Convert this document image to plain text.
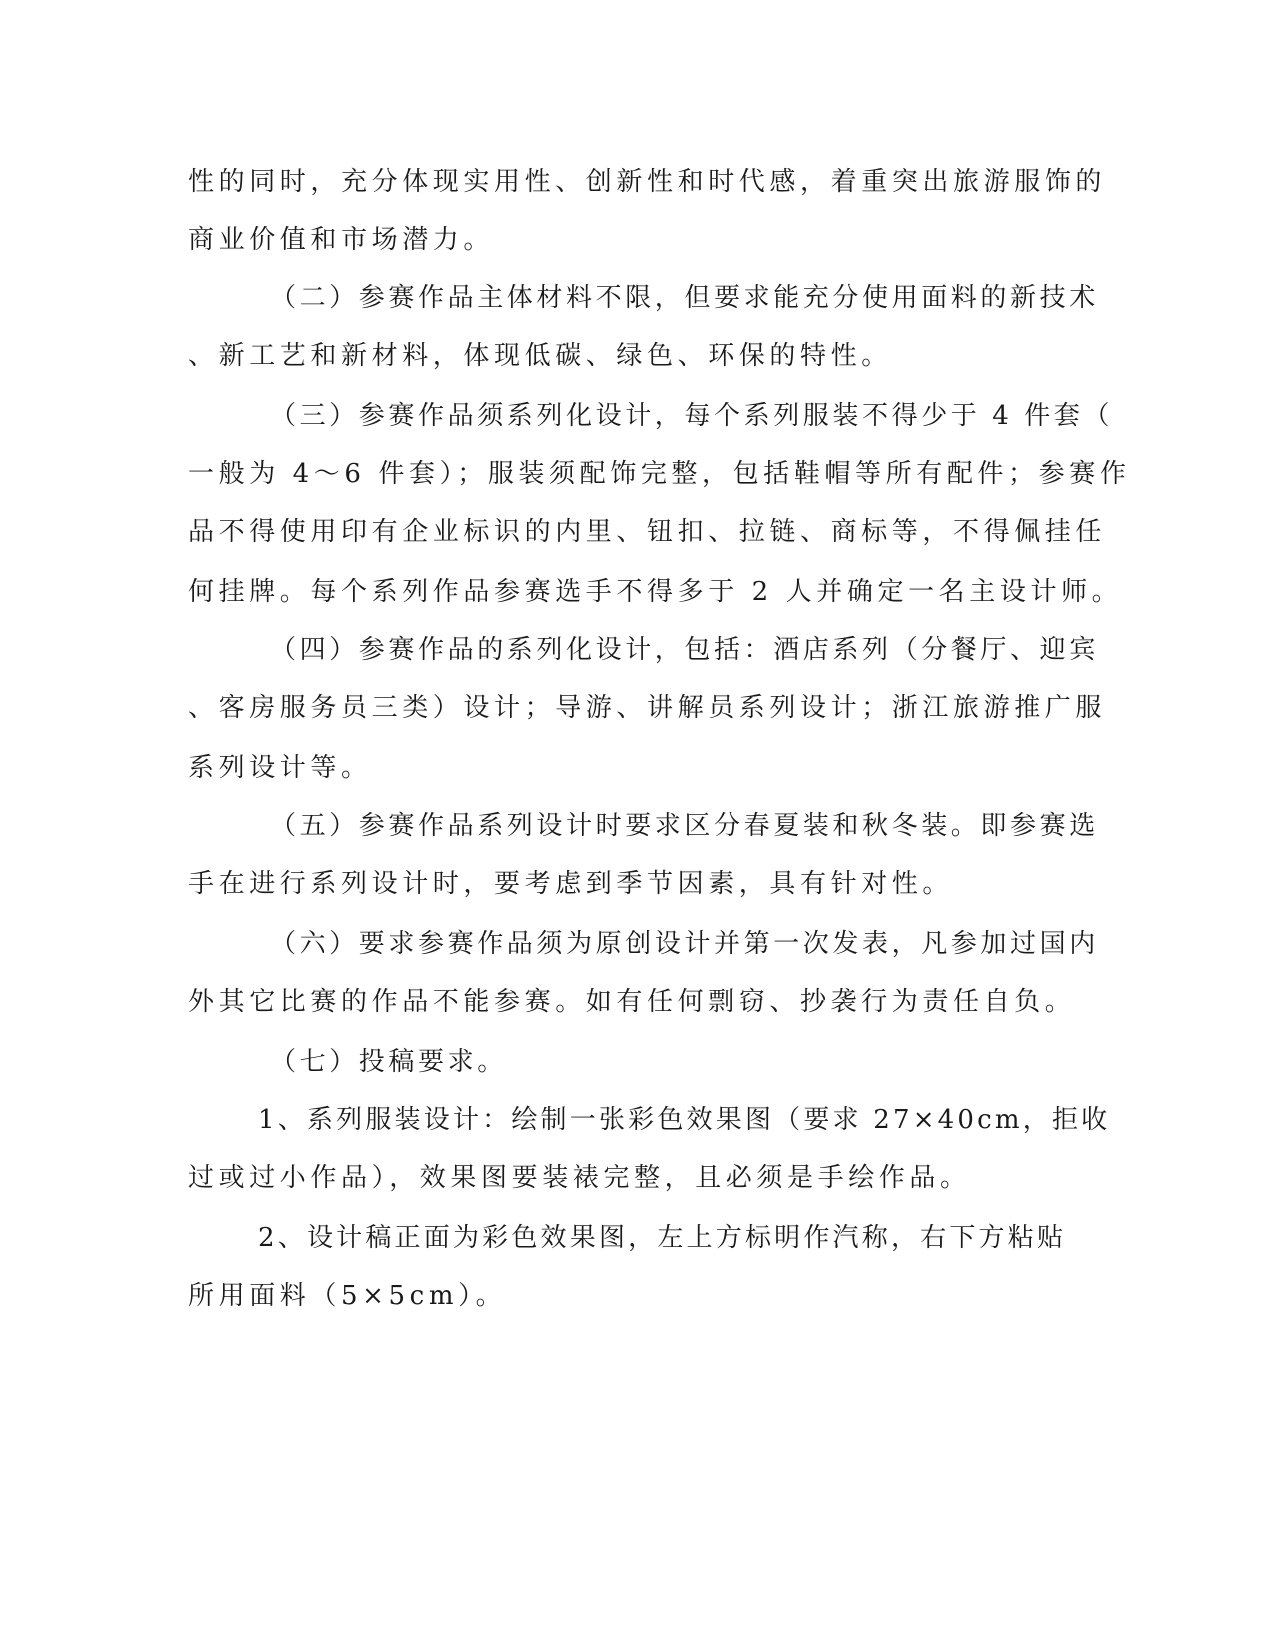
性的同时，充分体现实用性、创新性和时代感，着重突出旅游服饰的
商业价值和市场潜力。
（二）参赛作品主体材料不限，但要求能充分使用面料的新技术
、新工艺和新材料，体现低碳、绿色、环保的特性。
（三）参赛作品须系列化设计，每个系列服装不得少于 4 件套（
一般为 4～6 件套）；服装须配饰完整，包括鞋帽等所有配件；参赛作
品不得使用印有企业标识的内里、钮扣、拉链、商标等，不得佩挂任
何挂牌。每个系列作品参赛选手不得多于 2 人并确定一名主设计师。
（四）参赛作品的系列化设计，包括：酒店系列（分餐厅、迎宾
、客房服务员三类）设计；导游、讲解员系列设计；浙江旅游推广服
系列设计等。
（五）参赛作品系列设计时要求区分春夏装和秋冬装。即参赛选
手在进行系列设计时，要考虑到季节因素，具有针对性。
（六）要求参赛作品须为原创设计并第一次发表，凡参加过国内
外其它比赛的作品不能参赛。如有任何剽窃、抄袭行为责任自负。
（七）投稿要求。
1、系列服装设计：绘制一张彩色效果图（要求 27×40cm，拒收
过或过小作品），效果图要装裱完整，且必须是手绘作品。
2、设计稿正面为彩色效果图，左上方标明作汽称，右下方粘贴
所用面料（5×5cm）。
